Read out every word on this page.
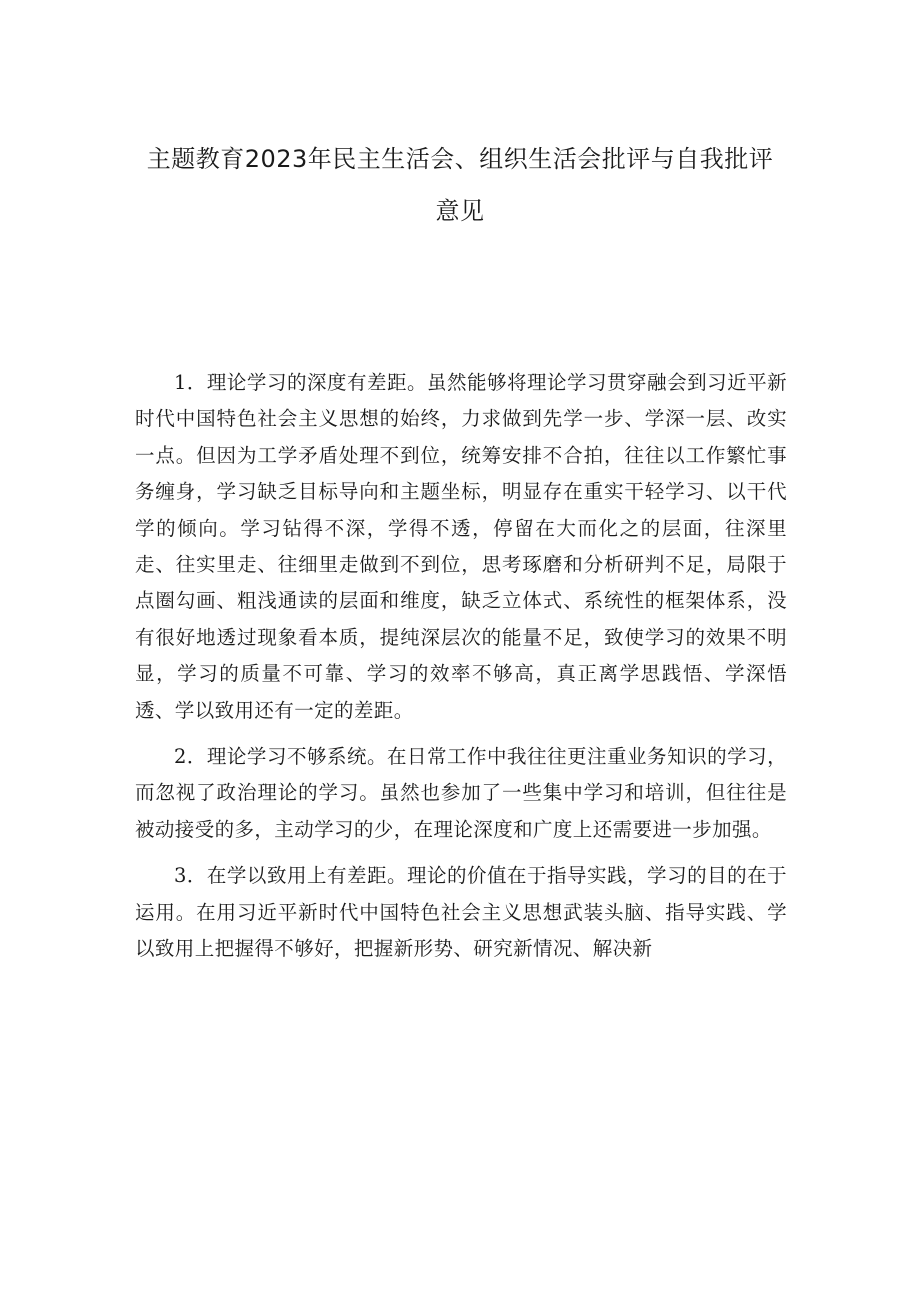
主题教育2023年民主生活会、组织生活会批评与自我批评
意见

1．理论学习的深度有差距。虽然能够将理论学习贯穿融会到习近平新时代中国特色社会主义思想的始终，力求做到先学一步、学深一层、改实一点。但因为工学矛盾处理不到位，统筹安排不合拍，往往以工作繁忙事务缠身，学习缺乏目标导向和主题坐标，明显存在重实干轻学习、以干代学的倾向。学习钻得不深，学得不透，停留在大而化之的层面，往深里走、往实里走、往细里走做到不到位，思考琢磨和分析研判不足，局限于点圈勾画、粗浅通读的层面和维度，缺乏立体式、系统性的框架体系，没有很好地透过现象看本质，提纯深层次的能量不足，致使学习的效果不明显，学习的质量不可靠、学习的效率不够高，真正离学思践悟、学深悟透、学以致用还有一定的差距。

2．理论学习不够系统。在日常工作中我往往更注重业务知识的学习，而忽视了政治理论的学习。虽然也参加了一些集中学习和培训，但往往是被动接受的多，主动学习的少，在理论深度和广度上还需要进一步加强。

3．在学以致用上有差距。理论的价值在于指导实践，学习的目的在于运用。在用习近平新时代中国特色社会主义思想武装头脑、指导实践、学以致用上把握得不够好，把握新形势、研究新情况、解决新
